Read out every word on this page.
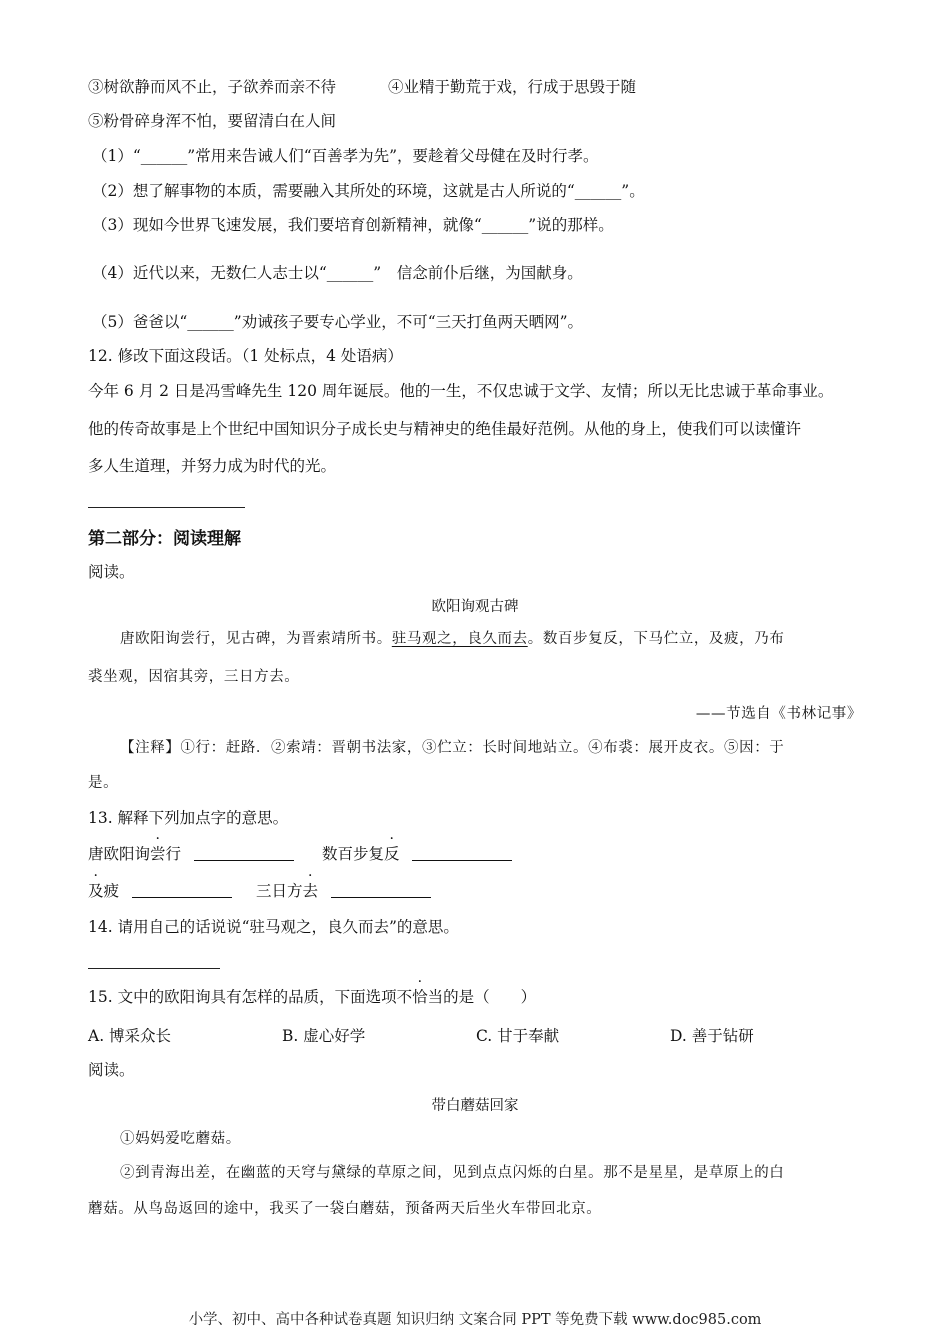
③树欲静而风不止，子欲养而亲不待	④业精于勤荒于戏，行成于思毁于随
⑤粉骨碎身浑不怕，要留清白在人间
（1）“______”常用来告诫人们“百善孝为先”，要趁着父母健在及时行孝。
（2）想了解事物的本质，需要融入其所处的环境，这就是古人所说的“______”。
（3）现如今世界飞速发展，我们要培育创新精神，就像“______”说的那样。
（4）近代以来，无数仁人志士以“______”　信念前仆后继，为国献身。
（5）爸爸以“______”劝诫孩子要专心学业，不可“三天打鱼两天晒网”。
12. 修改下面这段话。（1 处标点，4 处语病）
今年 6 月 2 日是冯雪峰先生 120 周年诞辰。他的一生，不仅忠诚于文学、友情；所以无比忠诚于革命事业。
他的传奇故事是上个世纪中国知识分子成长史与精神史的绝佳最好范例。从他的身上，使我们可以读懂许
多人生道理，并努力成为时代的光。
第二部分：阅读理解
阅读。
欧阳询观古碑
唐欧阳询尝行，见古碑，为晋索靖所书。驻马观之，良久而去。数百步复反，下马伫立，及疲，乃布
裘坐观，因宿其旁，三日方去。
——节选自《书林记事》
【注释】①行：赶路．②索靖：晋朝书法家，③伫立：长时间地站立。④布裘：展开皮衣。⑤因：于
是。
13. 解释下列加点字的意思。
唐欧阳询尝行	数百步复反
及疲	三日方去
14. 请用自己的话说说“驻马观之，良久而去”的意思。
15. 文中的欧阳询具有怎样的品质，下面选项不恰当的是（　　）
A. 博采众长	B. 虚心好学	C. 甘于奉献	D. 善于钻研
阅读。
带白蘑菇回家
①妈妈爱吃蘑菇。
②到青海出差，在幽蓝的天穹与黛绿的草原之间，见到点点闪烁的白星。那不是星星，是草原上的白
蘑菇。从鸟岛返回的途中，我买了一袋白蘑菇，预备两天后坐火车带回北京。
小学、初中、高中各种试卷真题 知识归纳 文案合同 PPT 等免费下载 www.doc985.com
